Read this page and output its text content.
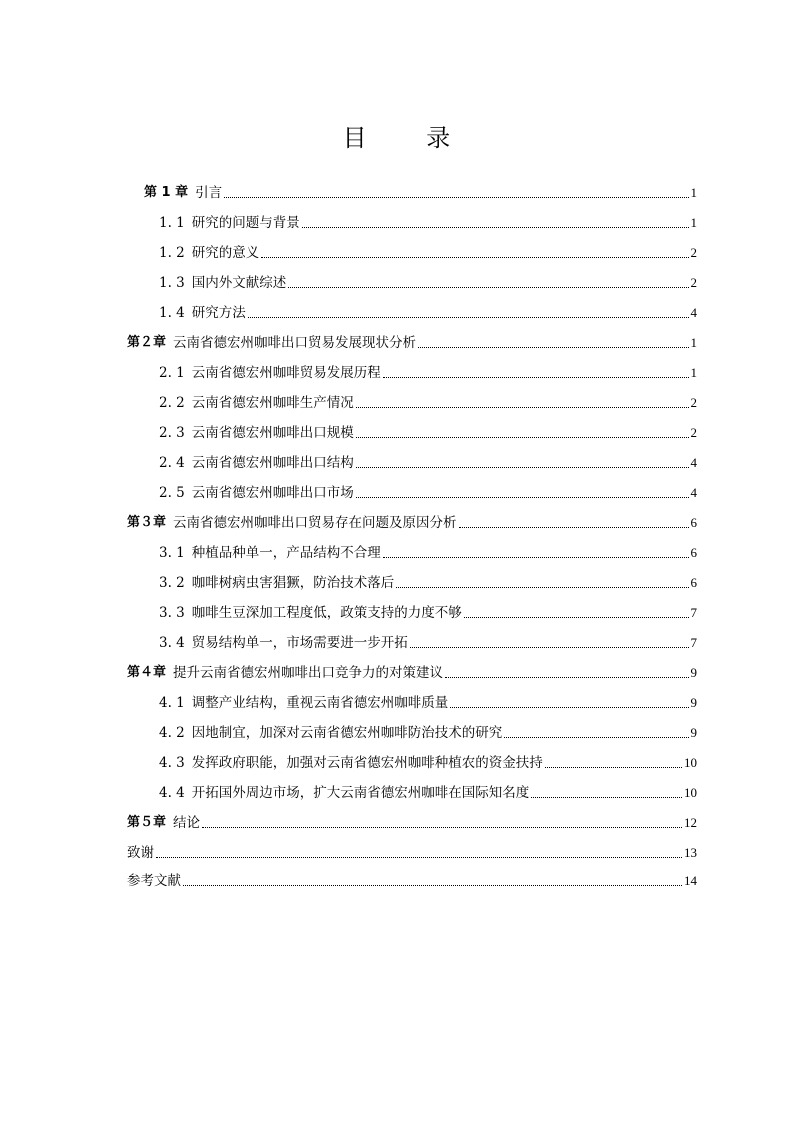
目 录
第 1 章 引言	1
1. 1 研究的问题与背景	1
1. 2 研究的意义	2
1. 3 国内外文献综述	2
1. 4 研究方法	4
第２章 云南省德宏州咖啡出口贸易发展现状分析	1
2. 1 云南省德宏州咖啡贸易发展历程	1
2. 2 云南省德宏州咖啡生产情况	2
2. 3 云南省德宏州咖啡出口规模	2
2. 4 云南省德宏州咖啡出口结构	4
2. 5 云南省德宏州咖啡出口市场	4
第３章 云南省德宏州咖啡出口贸易存在问题及原因分析	6
3. 1 种植品种单一，产品结构不合理	6
3. 2 咖啡树病虫害猖獗，防治技术落后	6
3. 3 咖啡生豆深加工程度低，政策支持的力度不够	7
3. 4 贸易结构单一，市场需要进一步开拓	7
第４章 提升云南省德宏州咖啡出口竞争力的对策建议	9
4. 1 调整产业结构，重视云南省德宏州咖啡质量	9
4. 2 因地制宜，加深对云南省德宏州咖啡防治技术的研究	9
4. 3 发挥政府职能，加强对云南省德宏州咖啡种植农的资金扶持	10
4. 4 开拓国外周边市场，扩大云南省德宏州咖啡在国际知名度	10
第５章 结论	12
致谢	13
参考文献	14
